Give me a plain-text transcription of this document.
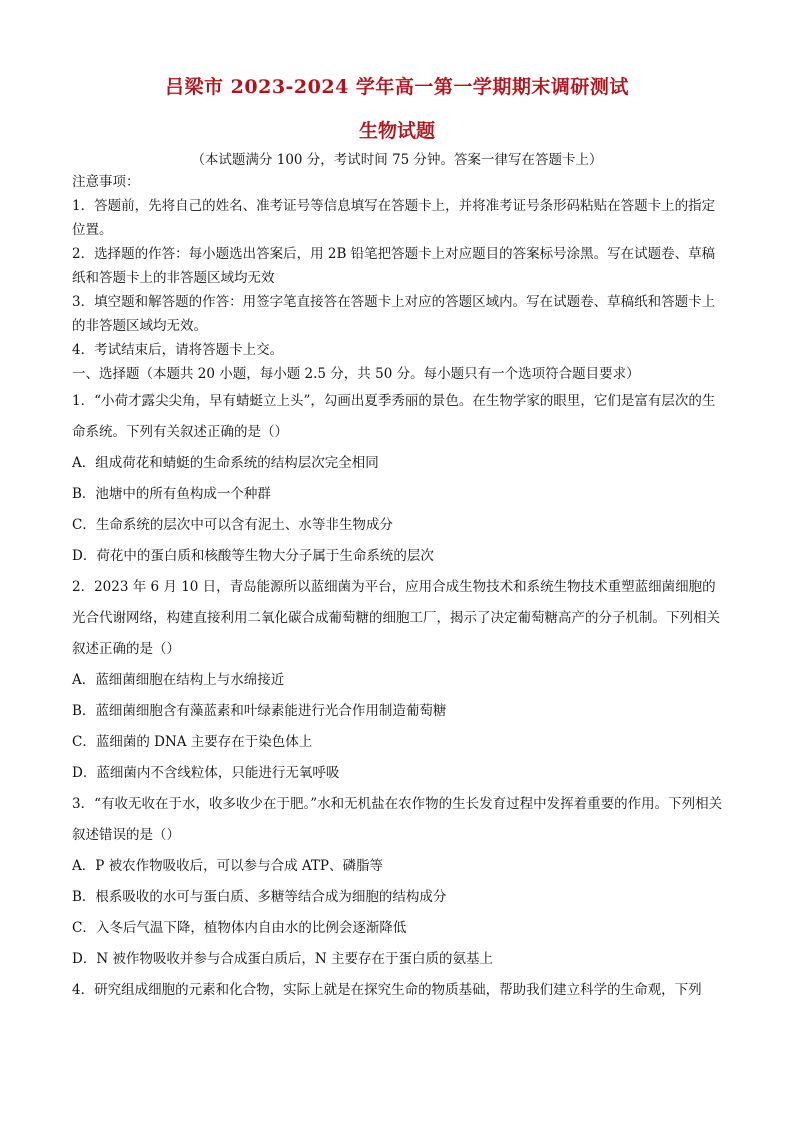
吕梁市 2023-2024 学年高一第一学期期末调研测试
生物试题
（本试题满分 100 分，考试时间 75 分钟。答案一律写在答题卡上）
注意事项：
1．答题前，先将自己的姓名、准考证号等信息填写在答题卡上，并将准考证号条形码粘贴在答题卡上的指定位置。
2．选择题的作答：每小题选出答案后，用 2B 铅笔把答题卡上对应题目的答案标号涂黑。写在试题卷、草稿纸和答题卡上的非答题区域均无效
3．填空题和解答题的作答：用签字笔直接答在答题卡上对应的答题区域内。写在试题卷、草稿纸和答题卡上的非答题区域均无效。
4．考试结束后，请将答题卡上交。
一、选择题（本题共 20 小题，每小题 2.5 分，共 50 分。每小题只有一个选项符合题目要求）
1．“小荷才露尖尖角，早有蜻蜓立上头”，勾画出夏季秀丽的景色。在生物学家的眼里，它们是富有层次的生命系统。下列有关叙述正确的是（）
A．组成荷花和蜻蜓的生命系统的结构层次完全相同
B．池塘中的所有鱼构成一个种群
C．生命系统的层次中可以含有泥土、水等非生物成分
D．荷花中的蛋白质和核酸等生物大分子属于生命系统的层次
2．2023 年 6 月 10 日，青岛能源所以蓝细菌为平台，应用合成生物技术和系统生物技术重塑蓝细菌细胞的光合代谢网络，构建直接利用二氧化碳合成葡萄糖的细胞工厂，揭示了决定葡萄糖高产的分子机制。下列相关叙述正确的是（）
A．蓝细菌细胞在结构上与水绵接近
B．蓝细菌细胞含有藻蓝素和叶绿素能进行光合作用制造葡萄糖
C．蓝细菌的 DNA 主要存在于染色体上
D．蓝细菌内不含线粒体，只能进行无氧呼吸
3．“有收无收在于水，收多收少在于肥。”水和无机盐在农作物的生长发育过程中发挥着重要的作用。下列相关叙述错误的是（）
A．P 被农作物吸收后，可以参与合成 ATP、磷脂等
B．根系吸收的水可与蛋白质、多糖等结合成为细胞的结构成分
C．入冬后气温下降，植物体内自由水的比例会逐渐降低
D．N 被作物吸收并参与合成蛋白质后，N 主要存在于蛋白质的氨基上
4．研究组成细胞的元素和化合物，实际上就是在探究生命的物质基础，帮助我们建立科学的生命观，下列
